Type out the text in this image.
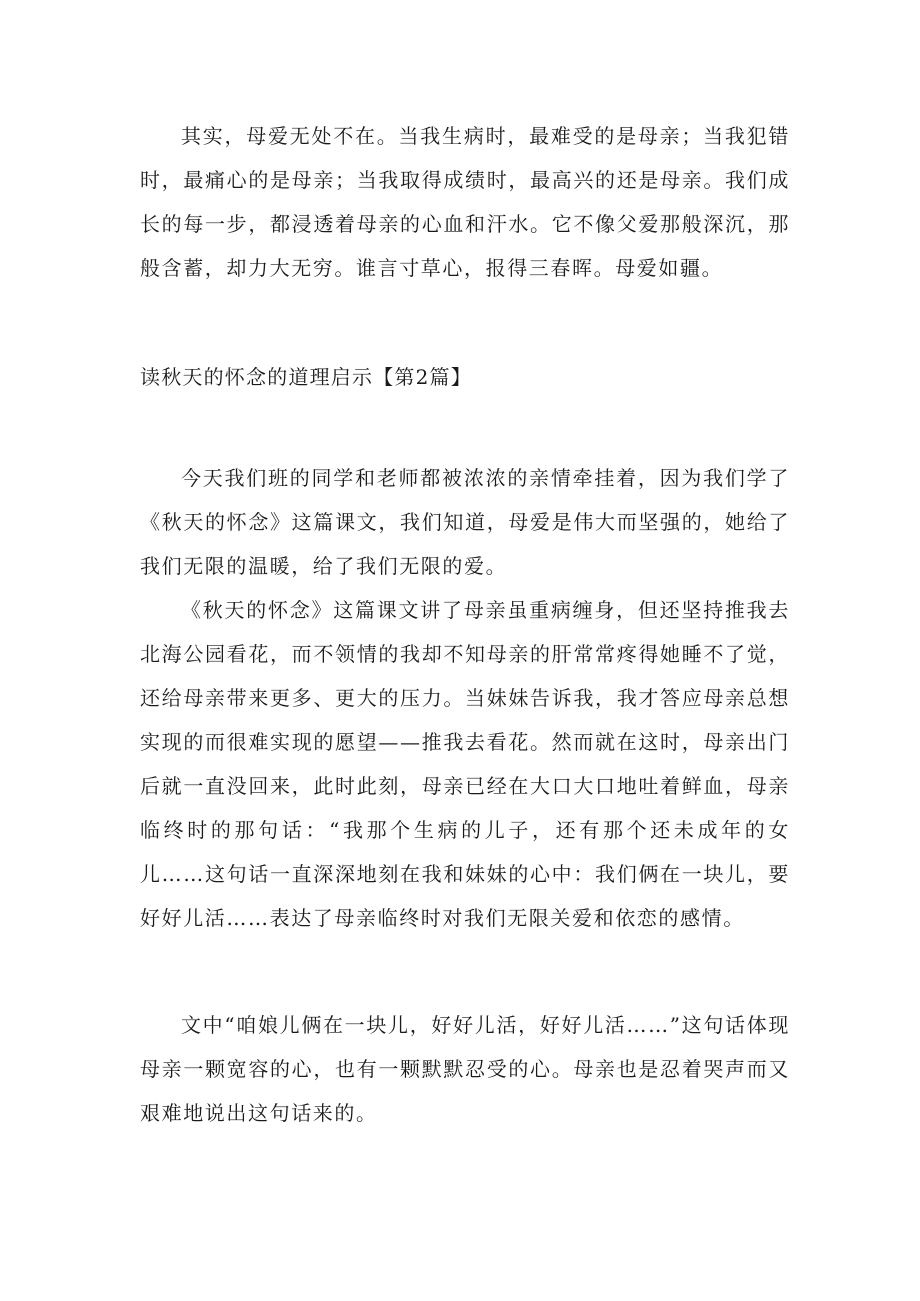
其实，母爱无处不在。当我生病时，最难受的是母亲；当我犯错时，最痛心的是母亲；当我取得成绩时，最高兴的还是母亲。我们成长的每一步，都浸透着母亲的心血和汗水。它不像父爱那般深沉，那般含蓄，却力大无穷。谁言寸草心，报得三春晖。母爱如疆。

读秋天的怀念的道理启示【第2篇】

今天我们班的同学和老师都被浓浓的亲情牵挂着，因为我们学了《秋天的怀念》这篇课文，我们知道，母爱是伟大而坚强的，她给了我们无限的温暖，给了我们无限的爱。

《秋天的怀念》这篇课文讲了母亲虽重病缠身，但还坚持推我去北海公园看花，而不领情的我却不知母亲的肝常常疼得她睡不了觉，还给母亲带来更多、更大的压力。当妹妹告诉我，我才答应母亲总想实现的而很难实现的愿望——推我去看花。然而就在这时，母亲出门后就一直没回来，此时此刻，母亲已经在大口大口地吐着鲜血，母亲临终时的那句话：“我那个生病的儿子，还有那个还未成年的女儿……这句话一直深深地刻在我和妹妹的心中：我们俩在一块儿，要好好儿活……表达了母亲临终时对我们无限关爱和依恋的感情。

文中“咱娘儿俩在一块儿，好好儿活，好好儿活……”这句话体现母亲一颗宽容的心，也有一颗默默忍受的心。母亲也是忍着哭声而又艰难地说出这句话来的。
